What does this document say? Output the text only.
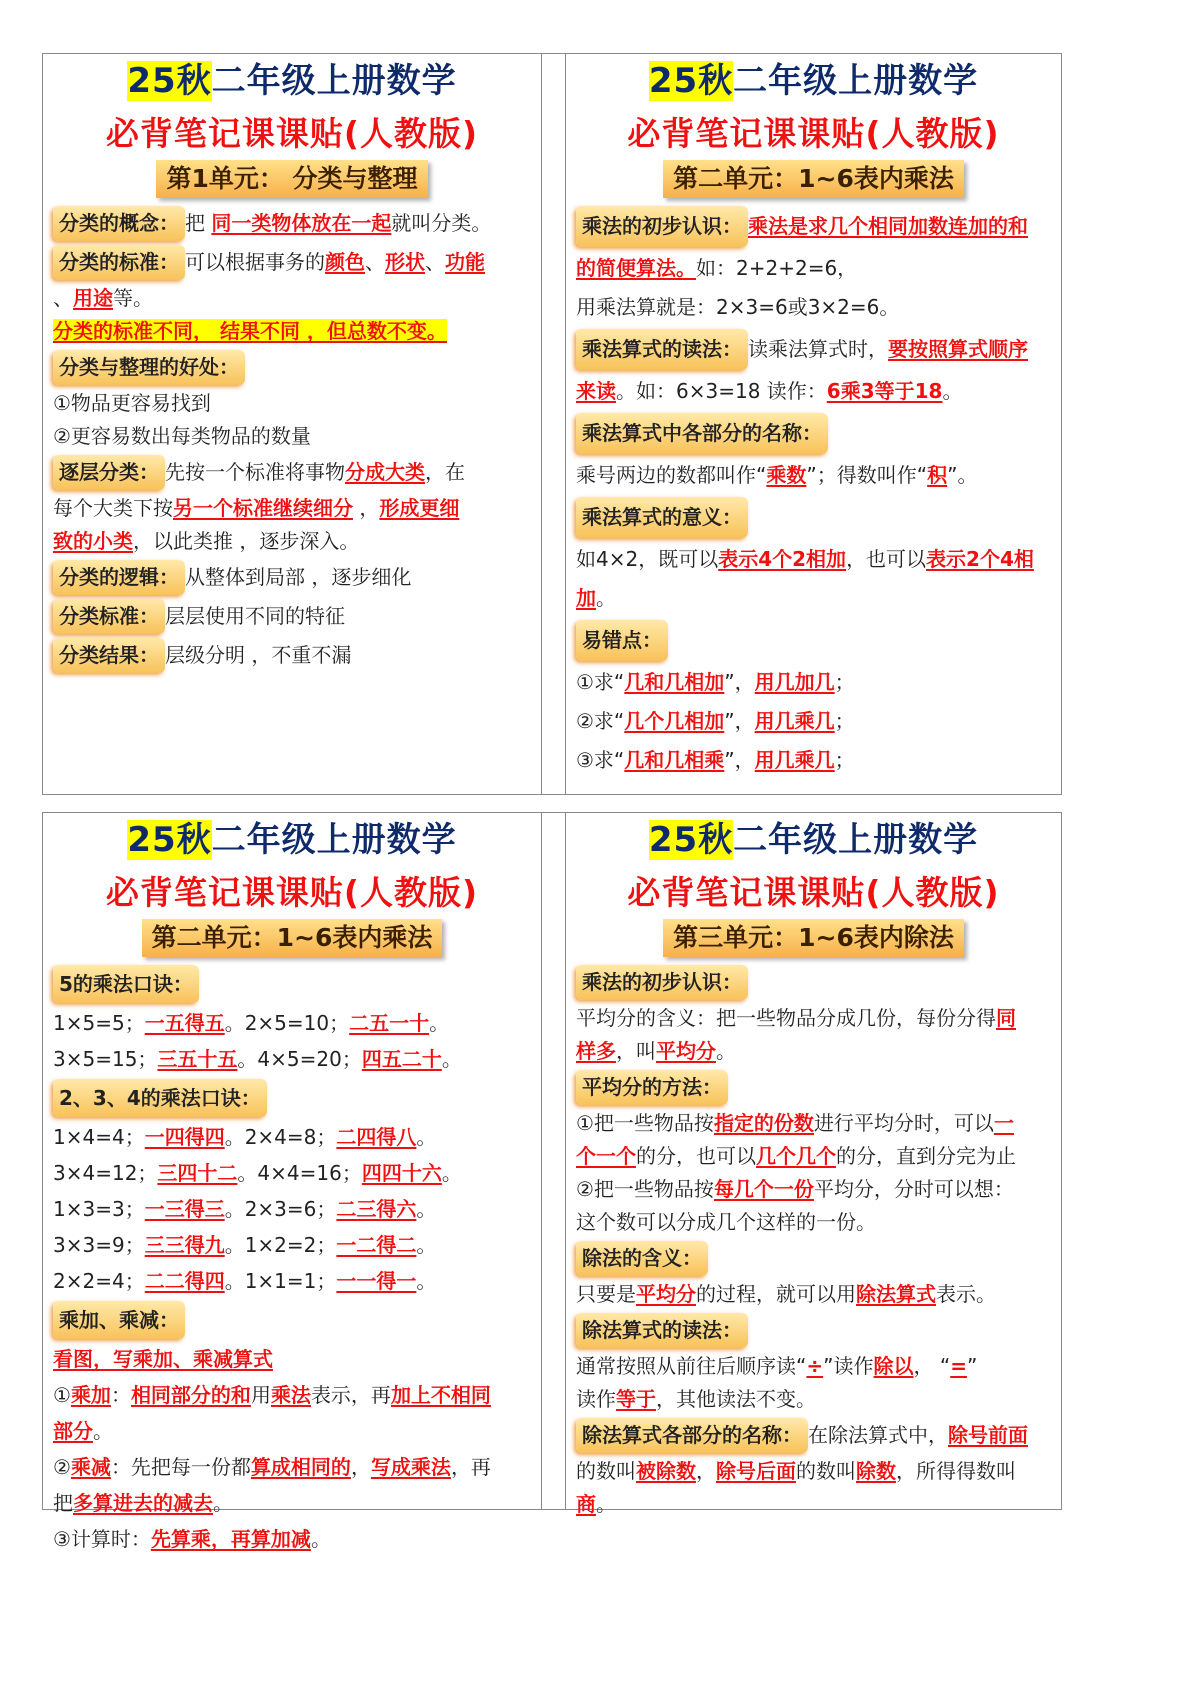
25秋二年级上册数学
必背笔记课课贴(人教版)
第1单元： 分类与整理
分类的概念： 把 同一类物体放在一起就叫分类。
分类的标准： 可以根据事务的颜色、形状、功能
、用途等。
分类的标准不同， 结果不同 ，但总数不变。
分类与整理的好处：
①物品更容易找到
②更容易数出每类物品的数量
逐层分类： 先按一个标准将事物分成大类，在
每个大类下按另一个标准继续细分 ，形成更细
致的小类，以此类推 ，逐步深入。
分类的逻辑： 从整体到局部 ，逐步细化
分类标准： 层层使用不同的特征
分类结果： 层级分明 ，不重不漏
25秋二年级上册数学
必背笔记课课贴(人教版)
第二单元：1~6表内乘法
乘法的初步认识： 乘法是求几个相同加数连加的和
的简便算法。如：2+2+2=6，
用乘法算就是：2×3=6或3×2=6。
乘法算式的读法： 读乘法算式时，要按照算式顺序
来读。如：6×3=18 读作：6乘3等于18。
乘法算式中各部分的名称：
乘号两边的数都叫作“乘数”；得数叫作“积”。
乘法算式的意义：
如4×2，既可以表示4个2相加，也可以表示2个4相
加。
易错点：
①求“几和几相加”，用几加几；
②求“几个几相加”，用几乘几；
③求“几和几相乘”，用几乘几；
25秋二年级上册数学
必背笔记课课贴(人教版)
第二单元：1~6表内乘法
5的乘法口诀：
1×5=5；一五得五。2×5=10；二五一十。
3×5=15；三五十五。4×5=20；四五二十。
2、3、4的乘法口诀：
1×4=4；一四得四。2×4=8；二四得八。
3×4=12；三四十二。4×4=16；四四十六。
1×3=3；一三得三。2×3=6；二三得六。
3×3=9；三三得九。1×2=2；一二得二。
2×2=4；二二得四。1×1=1；一一得一。
乘加、乘减：
看图，写乘加、乘减算式
①乘加：相同部分的和用乘法表示，再加上不相同
部分。
②乘减：先把每一份都算成相同的，写成乘法，再
把多算进去的减去。
③计算时：先算乘，再算加减。
25秋二年级上册数学
必背笔记课课贴(人教版)
第三单元：1~6表内除法
乘法的初步认识：
平均分的含义：把一些物品分成几份，每份分得同
样多，叫平均分。
平均分的方法：
①把一些物品按指定的份数进行平均分时，可以一
个一个的分，也可以几个几个的分，直到分完为止
②把一些物品按每几个一份平均分，分时可以想：
这个数可以分成几个这样的一份。
除法的含义：
只要是平均分的过程，就可以用除法算式表示。
除法算式的读法：
通常按照从前往后顺序读“÷”读作除以， “=”
读作等于，其他读法不变。
除法算式各部分的名称： 在除法算式中，除号前面
的数叫被除数，除号后面的数叫除数，所得得数叫
商。
